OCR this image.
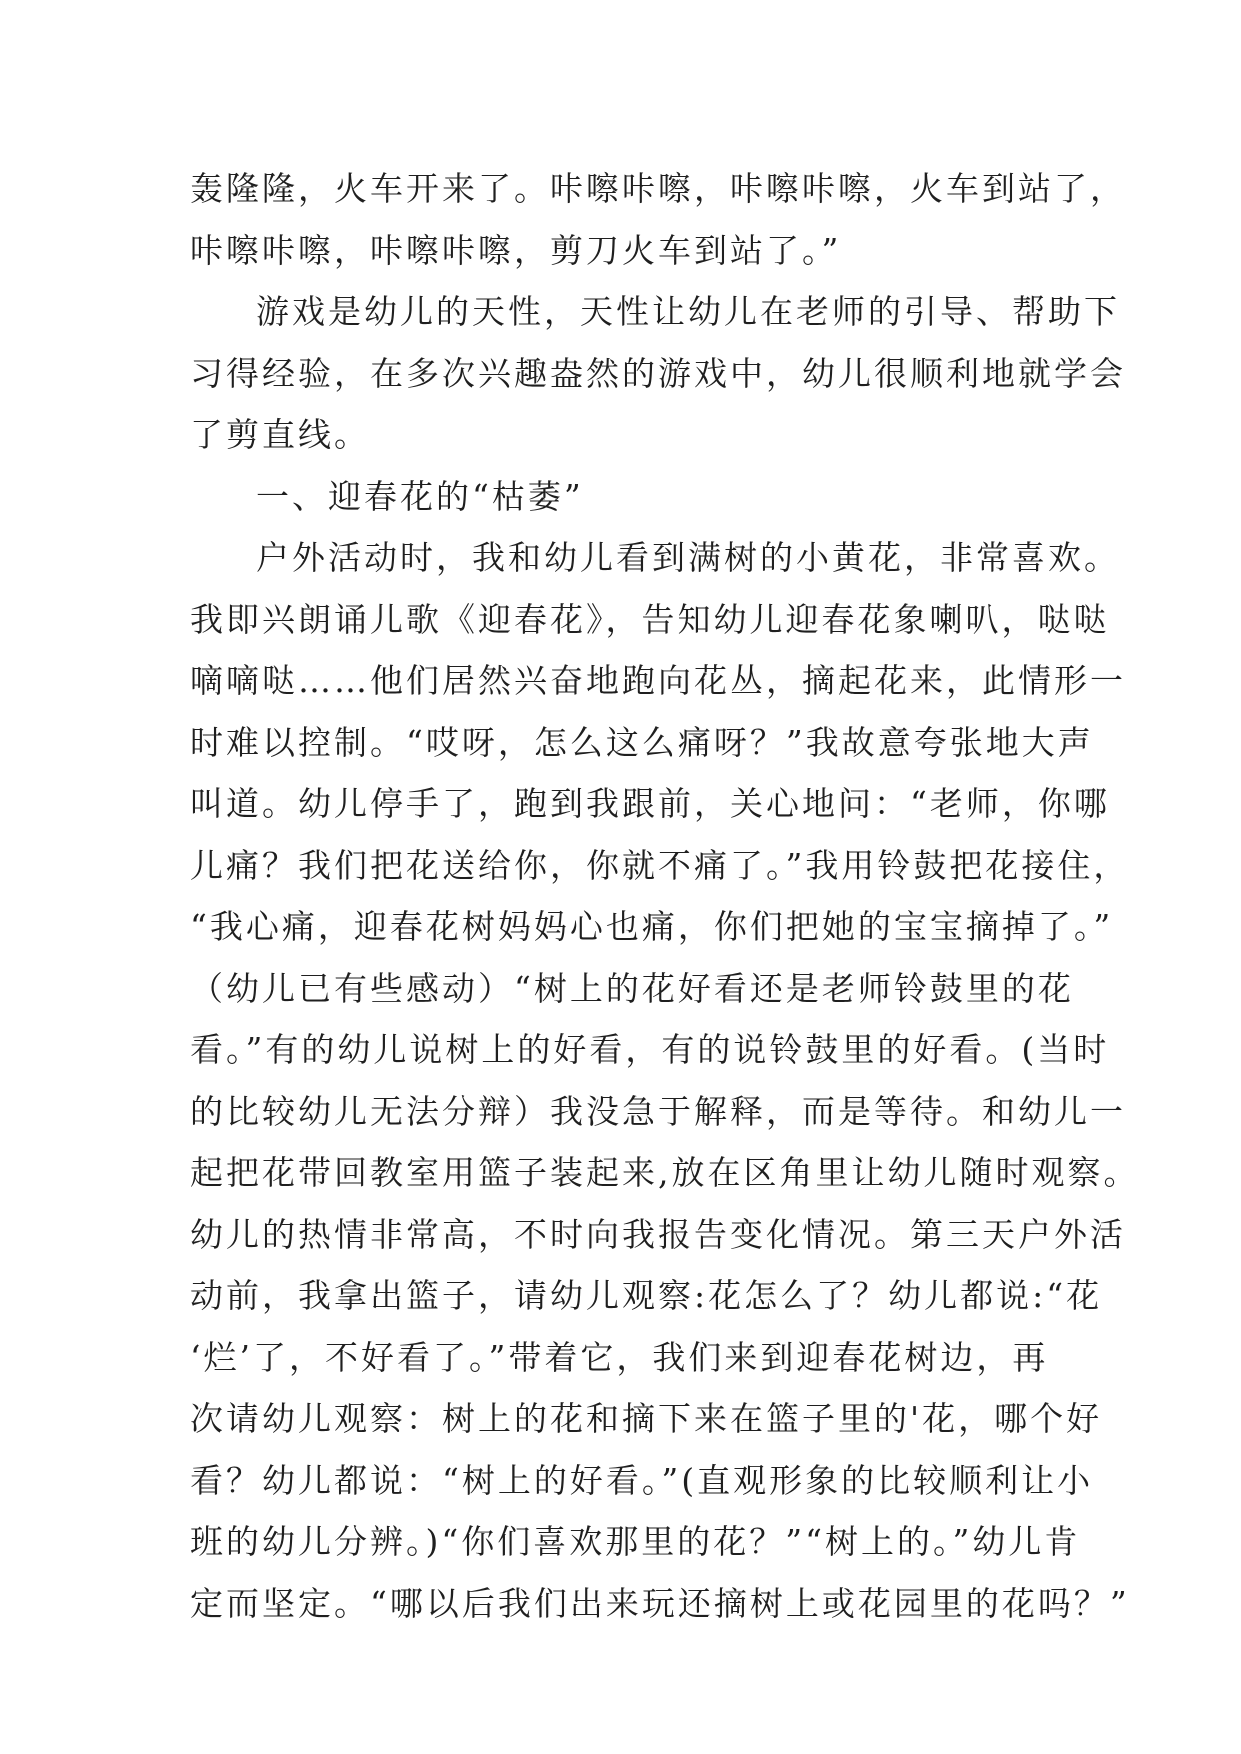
轰隆隆，火车开来了。咔嚓咔嚓，咔嚓咔嚓，火车到站了，
咔嚓咔嚓，咔嚓咔嚓，剪刀火车到站了。”
游戏是幼儿的天性，天性让幼儿在老师的引导、帮助下
习得经验，在多次兴趣盎然的游戏中，幼儿很顺利地就学会
了剪直线。
一、迎春花的“枯萎”
户外活动时，我和幼儿看到满树的小黄花，非常喜欢。
我即兴朗诵儿歌《迎春花》，告知幼儿迎春花象喇叭，哒哒
嘀嘀哒……他们居然兴奋地跑向花丛，摘起花来，此情形一
时难以控制。“哎呀，怎么这么痛呀？”我故意夸张地大声
叫道。幼儿停手了，跑到我跟前，关心地问：“老师，你哪
儿痛？我们把花送给你，你就不痛了。”我用铃鼓把花接住，
“我心痛，迎春花树妈妈心也痛，你们把她的宝宝摘掉了。”
（幼儿已有些感动）“树上的花好看还是老师铃鼓里的花
看。”有的幼儿说树上的好看，有的说铃鼓里的好看。(当时
的比较幼儿无法分辩）我没急于解释，而是等待。和幼儿一
起把花带回教室用篮子装起来,放在区角里让幼儿随时观察。
幼儿的热情非常高，不时向我报告变化情况。第三天户外活
动前，我拿出篮子，请幼儿观察:花怎么了？幼儿都说:“花
‘烂’了，不好看了。”带着它，我们来到迎春花树边，再
次请幼儿观察：树上的花和摘下来在篮子里的'花，哪个好
看？幼儿都说：“树上的好看。”(直观形象的比较顺利让小
班的幼儿分辨。)“你们喜欢那里的花？”“树上的。”幼儿肯
定而坚定。“哪以后我们出来玩还摘树上或花园里的花吗？”
